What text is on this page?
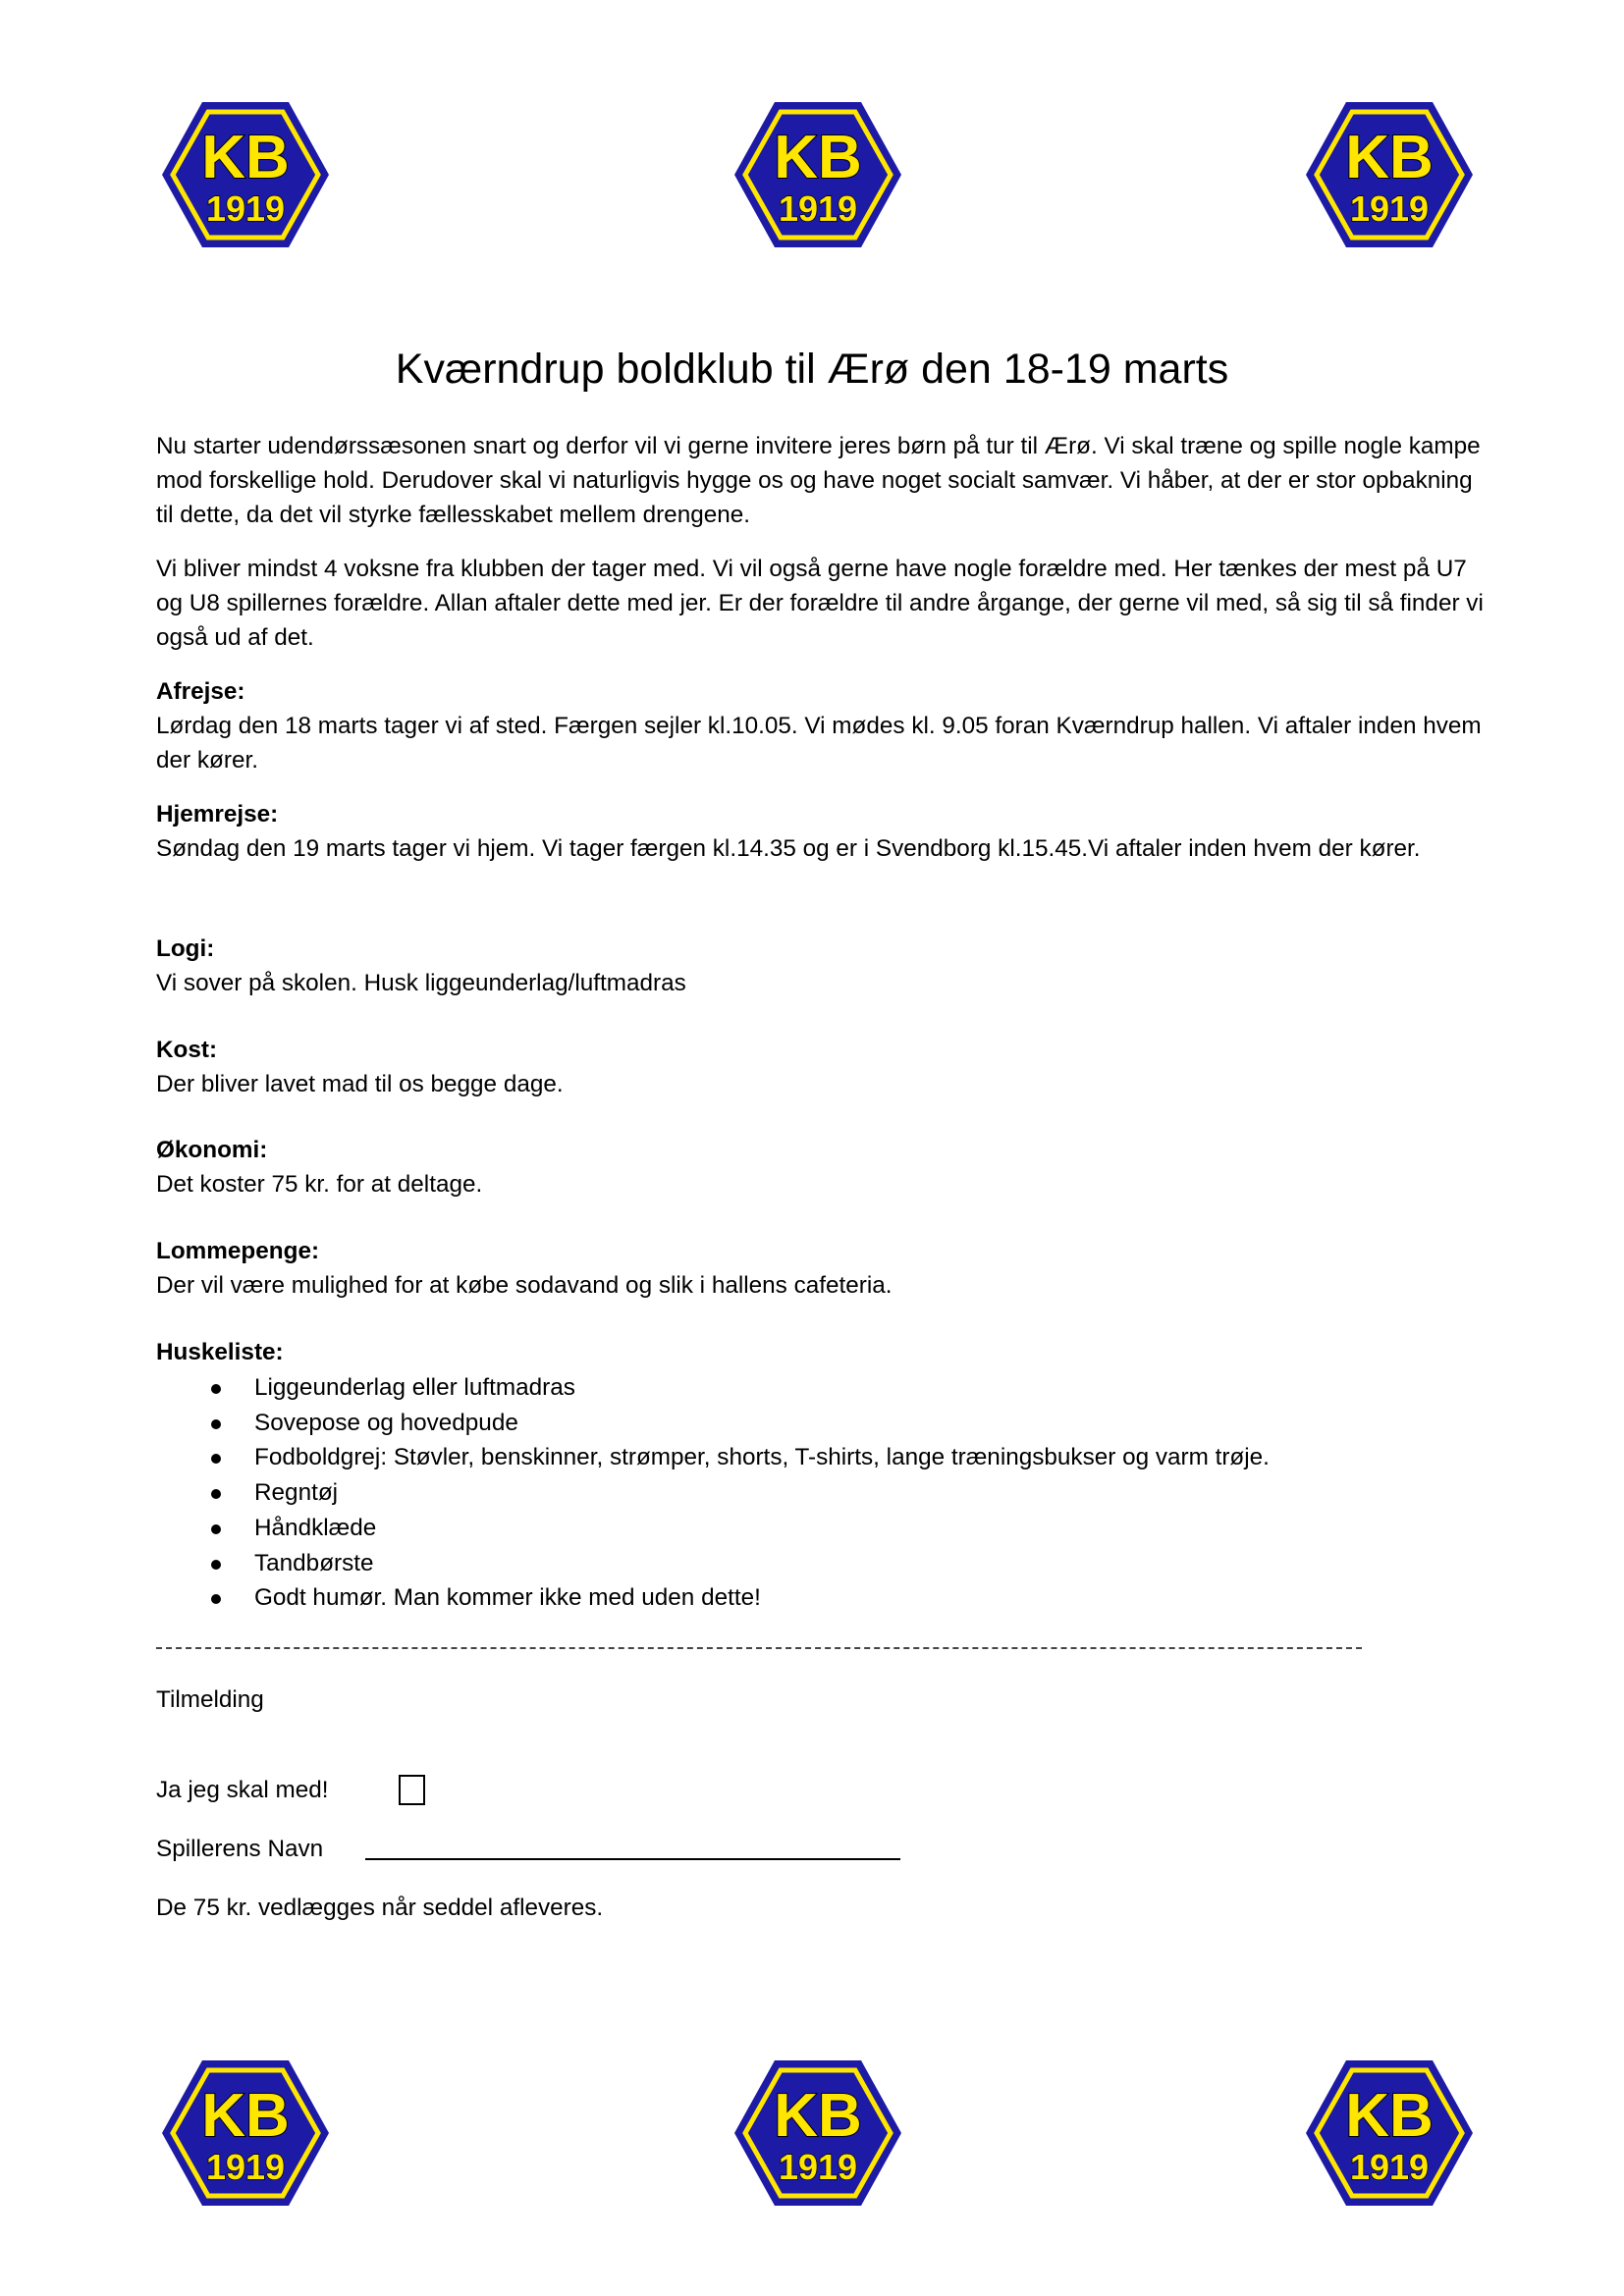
KB
1919
KB
1919
KB
1919
Kværndrup boldklub til Ærø den 18-19 marts

Nu starter udendørssæsonen snart og derfor vil vi gerne invitere jeres børn på tur til Ærø. Vi skal træne og spille nogle kampe mod forskellige hold. Derudover skal vi naturligvis hygge os og have noget socialt samvær. Vi håber, at der er stor opbakning til dette, da det vil styrke fællesskabet mellem drengene.

Vi bliver mindst 4 voksne fra klubben der tager med. Vi vil også gerne have nogle forældre med. Her tænkes der mest på U7 og U8 spillernes forældre. Allan aftaler dette med jer. Er der forældre til andre årgange, der gerne vil med, så sig til så finder vi også ud af det.

Afrejse:
Lørdag den 18 marts tager vi af sted. Færgen sejler kl.10.05. Vi mødes kl. 9.05 foran Kværndrup hallen. Vi aftaler inden hvem der kører.
Hjemrejse:
Søndag den 19 marts tager vi hjem. Vi tager færgen kl.14.35 og er i Svendborg kl.15.45.Vi aftaler inden hvem der kører.
Logi:
Vi sover på skolen. Husk liggeunderlag/luftmadras
Kost:
Der bliver lavet mad til os begge dage.
Økonomi:
Det koster 75 kr. for at deltage.
Lommepenge:
Der vil være mulighed for at købe sodavand og slik i hallens cafeteria.
Huskeliste:
Liggeunderlag eller luftmadras
Sovepose og hovedpude
Fodboldgrej: Støvler, benskinner, strømper, shorts, T-shirts, lange træningsbukser og varm trøje.
Regntøj
Håndklæde
Tandbørste
Godt humør. Man kommer ikke med uden dette!
Tilmelding
Ja jeg skal med!
Spillerens Navn
De 75 kr. vedlægges når seddel afleveres.
KB
1919
KB
1919
KB
1919
